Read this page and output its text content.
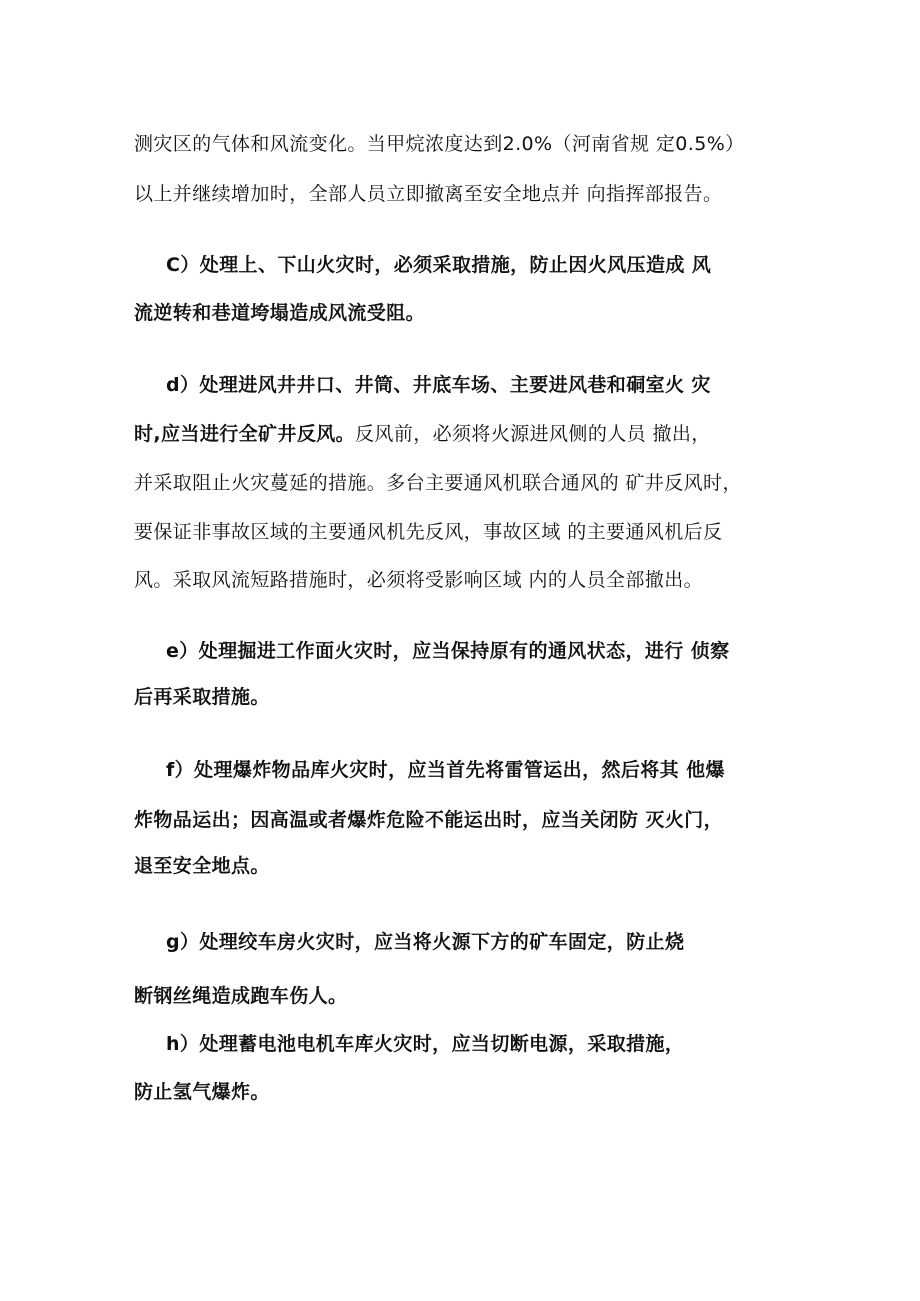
测灾区的气体和风流变化。当甲烷浓度达到2.0%（河南省规 定0.5%）
以上并继续增加时，全部人员立即撤离至安全地点并 向指挥部报告。
C）处理上、下山火灾时，必须采取措施，防止因火风压造成 风
流逆转和巷道垮塌造成风流受阻。
d）处理进风井井口、井筒、井底车场、主要进风巷和硐室火 灾
时,应当进行全矿井反风。反风前，必须将火源进风侧的人员 撤出，
并采取阻止火灾蔓延的措施。多台主要通风机联合通风的 矿井反风时，
要保证非事故区域的主要通风机先反风，事故区域 的主要通风机后反
风。采取风流短路措施时，必须将受影响区域 内的人员全部撤出。
e）处理掘进工作面火灾时，应当保持原有的通风状态，进行 侦察
后再采取措施。
f）处理爆炸物品库火灾时，应当首先将雷管运出，然后将其 他爆
炸物品运出；因高温或者爆炸危险不能运出时，应当关闭防 灭火门，
退至安全地点。
g）处理绞车房火灾时，应当将火源下方的矿车固定，防止烧
断钢丝绳造成跑车伤人。
h）处理蓄电池电机车库火灾时，应当切断电源，采取措施，
防止氢气爆炸。
